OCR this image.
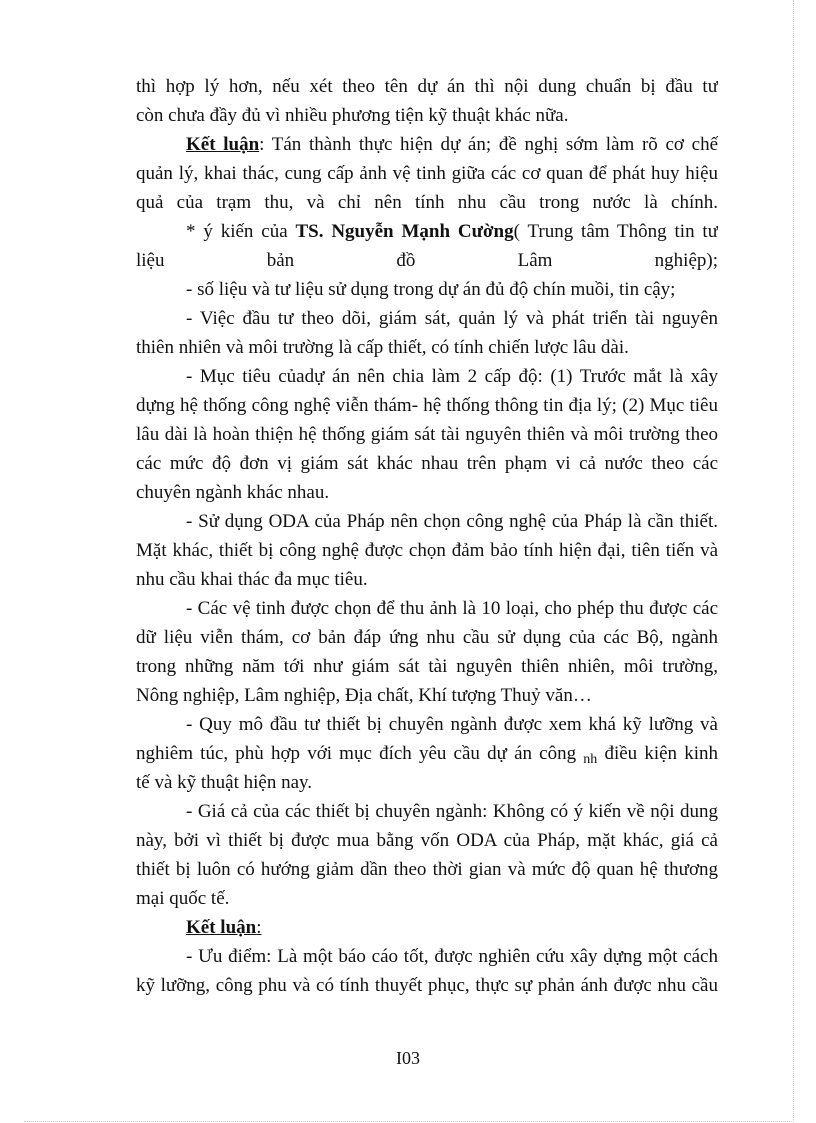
thì hợp lý hơn, nếu xét theo tên dự án thì nội dung chuẩn bị đầu tư
còn chưa đầy đủ vì nhiều phương tiện kỹ thuật khác nữa.
Kết luận: Tán thành thực hiện dự án; đề nghị sớm làm rõ cơ chế
quản lý, khai thác, cung cấp ảnh vệ tinh giữa các cơ quan để phát huy hiệu
quả của trạm thu, và chỉ nên tính nhu cầu trong nước là chính.
* ý kiến của TS. Nguyễn Mạnh Cường( Trung tâm Thông tin tư
liệu bản đồ Lâm nghiệp);
- số liệu và tư liệu sử dụng trong dự án đủ độ chín muồi, tin cậy;
- Việc đầu tư theo dõi, giám sát, quản lý và phát triển tài nguyên
thiên nhiên và môi trường là cấp thiết, có tính chiến lược lâu dài.
- Mục tiêu củadự án nên chia làm 2 cấp độ: (1) Trước mắt là xây
dựng hệ thống công nghệ viễn thám- hệ thống thông tin địa lý; (2) Mục tiêu
lâu dài là hoàn thiện hệ thống giám sát tài nguyên thiên và môi trường theo
các mức độ đơn vị giám sát khác nhau trên phạm vi cả nước theo các
chuyên ngành khác nhau.
- Sử dụng ODA của Pháp nên chọn công nghệ của Pháp là cần thiết.
Mặt khác, thiết bị công nghệ được chọn đảm bảo tính hiện đại, tiên tiến và
nhu cầu khai thác đa mục tiêu.
- Các vệ tinh được chọn để thu ảnh là 10 loại, cho phép thu được các
dữ liệu viễn thám, cơ bản đáp ứng nhu cầu sử dụng của các Bộ, ngành
trong những năm tới như giám sát tài nguyên thiên nhiên, môi trường,
Nông nghiệp, Lâm nghiệp, Địa chất, Khí tượng Thuỷ văn…
- Quy mô đầu tư thiết bị chuyên ngành được xem khá kỹ lưỡng và
nghiêm túc, phù hợp với mục đích yêu cầu dự án công $_{nh}$ điều kiện kinh
tế và kỹ thuật hiện nay.
- Giá cả của các thiết bị chuyên ngành: Không có ý kiến về nội dung
này, bởi vì thiết bị được mua bằng vốn ODA của Pháp, mặt khác, giá cả
thiết bị luôn có hướng giảm dần theo thời gian và mức độ quan hệ thương
mại quốc tế.
Kết luận:
- Ưu điểm: Là một báo cáo tốt, được nghiên cứu xây dựng một cách
kỹ lưỡng, công phu và có tính thuyết phục, thực sự phản ánh được nhu cầu
I03
